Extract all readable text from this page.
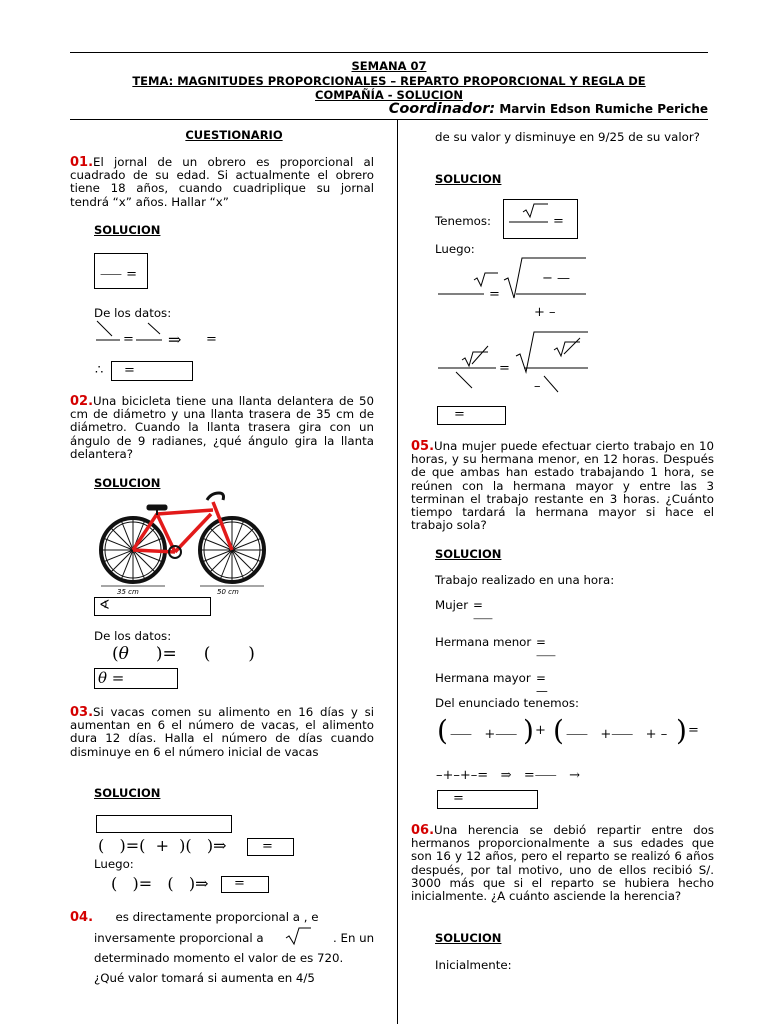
SEMANA 07
TEMA: MAGNITUDES PROPORCIONALES – REPARTO PROPORCIONAL Y REGLA DE
COMPAÑÍA - SOLUCION
Coordinador: Marvin Edson Rumiche Periche
CUESTIONARIO
01.El jornal de un obrero es proporcional al cuadrado de su edad. Si actualmente el obrero tiene 18 años, cuando cuadriplique su jornal tendrá “x” años. Hallar “x”
SOLUCION
⸺ =
De los datos:
= ⇒ =
∴ =
02.Una bicicleta tiene una llanta delantera de 50 cm de diámetro y una llanta trasera de 35 cm de diámetro. Cuando la llanta trasera gira con un ángulo de 9 radianes, ¿qué ángulo gira la llanta delantera?
SOLUCION
35 cm	50 cm
∢
De los datos:
(θ     )=     (       )
θ =
03.Si vacas comen su alimento en 16 días y si aumentan en 6 el número de vacas, el alimento dura 12 días. Halla el número de días cuando disminuye en 6 el número inicial de vacas
SOLUCION
(   )=(  +  )(   )⇒	=
Luego:
(   )=   (   )⇒ =
04. es directamente proporcional a , e
inversamente proporcional a	. En un
determinado momento el valor de es 720.
¿Qué valor tomará si aumenta en 4/5
de su valor y disminuye en 9/25 de su valor?
SOLUCION
Tenemos:	=
Luego:
=
− —
+ –
=
–
=
05.Una mujer puede efectuar cierto trabajo en 10 horas, y su hermana menor, en 12 horas. Después de que ambas han estado trabajando 1 hora, se reúnen con la hermana mayor y entre las 3 terminan el trabajo restante en 3 horas. ¿Cuánto tiempo tardará la hermana mayor si hace el trabajo sola?
SOLUCION
Trabajo realizado en una hora:
Mujer =⸺
Hermana menor =⸺
Hermana mayor = —
Del enunciado tenemos:
( ⸺   +⸺ ) + ( ⸺   +⸺   + – ) =
–+–+–=   ⇒   =⸺   →
=
06.Una herencia se debió repartir entre dos hermanos proporcionalmente a sus edades que son 16 y 12 años, pero el reparto se realizó 6 años después, por tal motivo, uno de ellos recibió S/. 3000 más que si el reparto se hubiera hecho inicialmente. ¿A cuánto asciende la herencia?
SOLUCION
Inicialmente:
